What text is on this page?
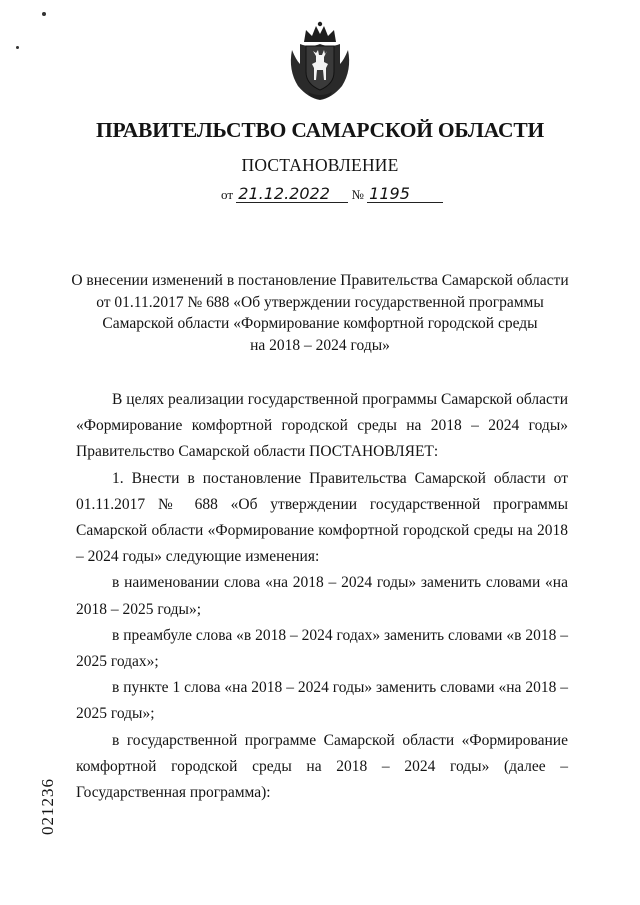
ПРАВИТЕЛЬСТВО САМАРСКОЙ ОБЛАСТИ
ПОСТАНОВЛЕНИЕ
от 21.12.2022 № 1195
О внесении изменений в постановление Правительства Самарской области
от 01.11.2017 № 688 «Об утверждении государственной программы
Самарской области «Формирование комфортной городской среды
на 2018 – 2024 годы»

В целях реализации государственной программы Самарской области «Формирование комфортной городской среды на 2018 – 2024 годы» Правительство Самарской области ПОСТАНОВЛЯЕТ:

1. Внести в постановление Правительства Самарской области от 01.11.2017 № 688 «Об утверждении государственной программы Самарской области «Формирование комфортной городской среды на 2018 – 2024 годы» следующие изменения:

в наименовании слова «на 2018 – 2024 годы» заменить словами «на 2018 – 2025 годы»;

в преамбуле слова «в 2018 – 2024 годах» заменить словами «в 2018 – 2025 годах»;

в пункте 1 слова «на 2018 – 2024 годы» заменить словами «на 2018 – 2025 годы»;

в государственной программе Самарской области «Формирование комфортной городской среды на 2018 – 2024 годы» (далее – Государственная программа):

021236
